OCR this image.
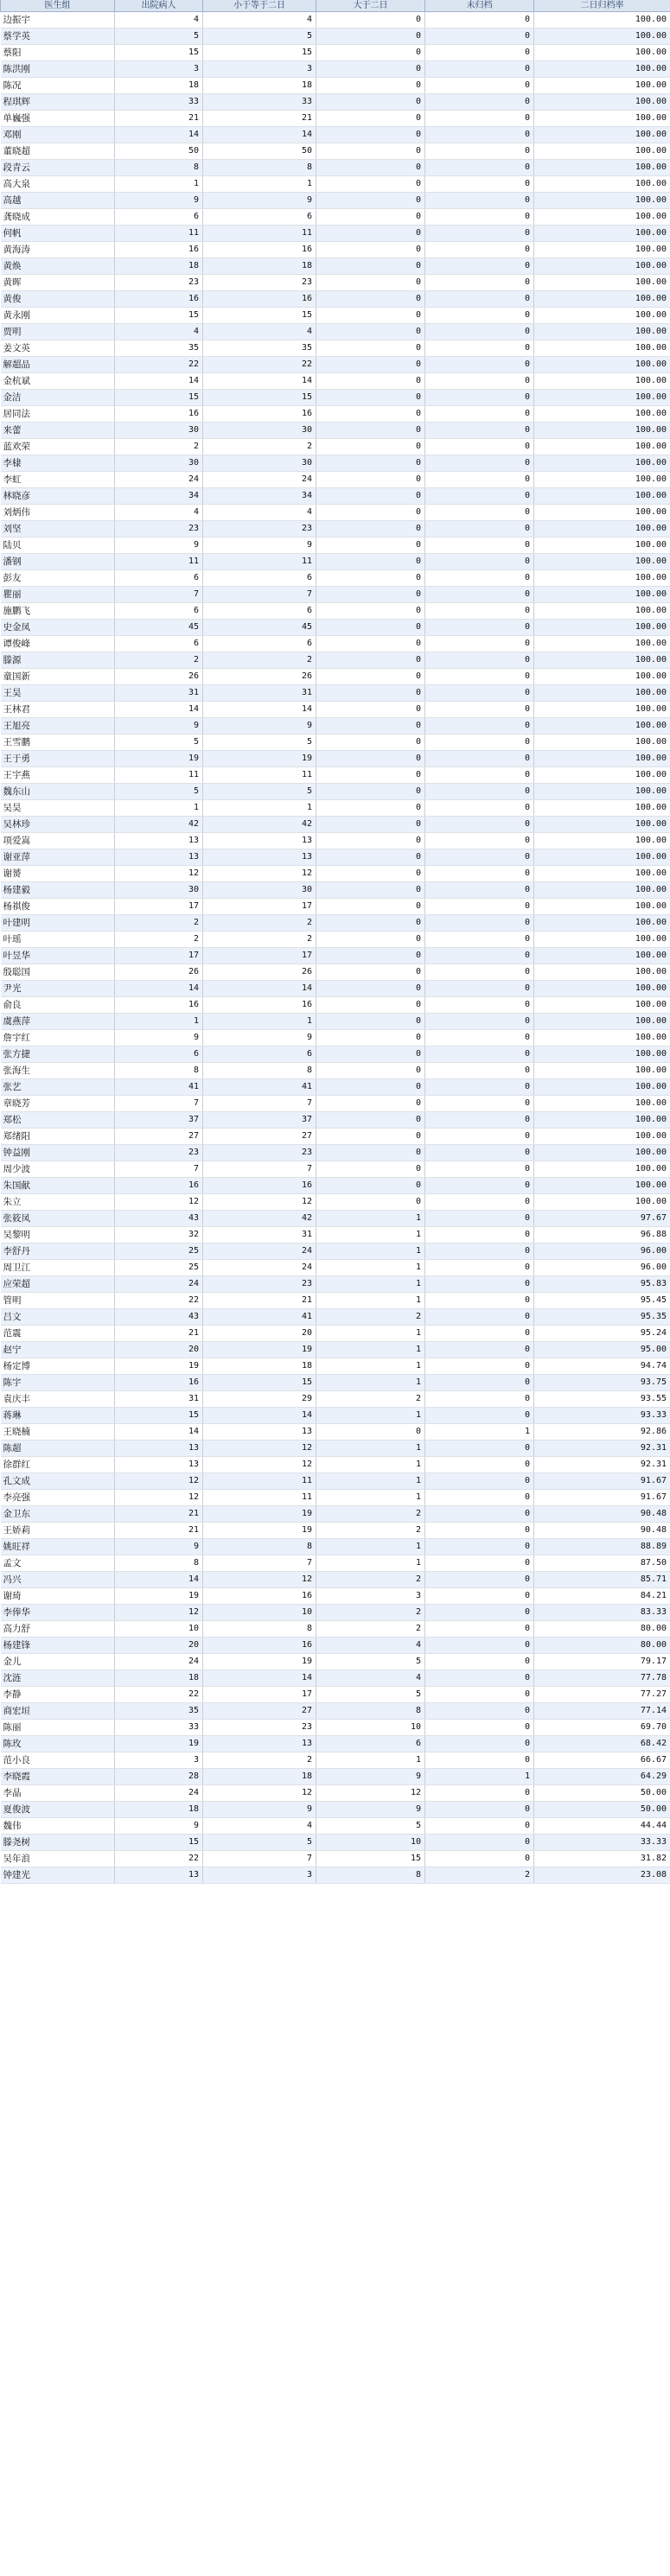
医生组	出院病人	小于等于二日	大于二日	未归档	二日归档率
边振宇	4	4	0	0	100.00
蔡学英	5	5	0	0	100.00
蔡阳	15	15	0	0	100.00
陈洪刚	3	3	0	0	100.00
陈况	18	18	0	0	100.00
程琪辉	33	33	0	0	100.00
单巍强	21	21	0	0	100.00
邓刚	14	14	0	0	100.00
董晓超	50	50	0	0	100.00
段青云	8	8	0	0	100.00
高大泉	1	1	0	0	100.00
高越	9	9	0	0	100.00
龚晓成	6	6	0	0	100.00
何帆	11	11	0	0	100.00
黄海涛	16	16	0	0	100.00
黄焕	18	18	0	0	100.00
黄晖	23	23	0	0	100.00
黄俊	16	16	0	0	100.00
黄永刚	15	15	0	0	100.00
贾明	4	4	0	0	100.00
姜文英	35	35	0	0	100.00
解超品	22	22	0	0	100.00
金杭斌	14	14	0	0	100.00
金洁	15	15	0	0	100.00
居同法	16	16	0	0	100.00
来蕾	30	30	0	0	100.00
蓝欢荣	2	2	0	0	100.00
李棣	30	30	0	0	100.00
李虹	24	24	0	0	100.00
林晓彦	34	34	0	0	100.00
刘炳伟	4	4	0	0	100.00
刘坚	23	23	0	0	100.00
陆贝	9	9	0	0	100.00
潘钢	11	11	0	0	100.00
彭友	6	6	0	0	100.00
瞿丽	7	7	0	0	100.00
施鹏飞	6	6	0	0	100.00
史金凤	45	45	0	0	100.00
谭俊峰	6	6	0	0	100.00
滕源	2	2	0	0	100.00
童国新	26	26	0	0	100.00
王昊	31	31	0	0	100.00
王林君	14	14	0	0	100.00
王旭亮	9	9	0	0	100.00
王雪鹏	5	5	0	0	100.00
王于勇	19	19	0	0	100.00
王宇燕	11	11	0	0	100.00
魏东山	5	5	0	0	100.00
吴昊	1	1	0	0	100.00
吴林珍	42	42	0	0	100.00
项爱嵩	13	13	0	0	100.00
谢亚萍	13	13	0	0	100.00
谢赟	12	12	0	0	100.00
杨建毅	30	30	0	0	100.00
杨祺俊	17	17	0	0	100.00
叶建明	2	2	0	0	100.00
叶瑶	2	2	0	0	100.00
叶昱华	17	17	0	0	100.00
殷聪国	26	26	0	0	100.00
尹光	14	14	0	0	100.00
俞良	16	16	0	0	100.00
虞燕萍	1	1	0	0	100.00
詹宇红	9	9	0	0	100.00
张方捷	6	6	0	0	100.00
张海生	8	8	0	0	100.00
张艺	41	41	0	0	100.00
章晓芳	7	7	0	0	100.00
郑松	37	37	0	0	100.00
郑绪阳	27	27	0	0	100.00
钟益刚	23	23	0	0	100.00
周少波	7	7	0	0	100.00
朱国献	16	16	0	0	100.00
朱立	12	12	0	0	100.00
张筱凤	43	42	1	0	97.67
吴黎明	32	31	1	0	96.88
李舒丹	25	24	1	0	96.00
周卫江	25	24	1	0	96.00
应荣超	24	23	1	0	95.83
管明	22	21	1	0	95.45
吕文	43	41	2	0	95.35
范震	21	20	1	0	95.24
赵宁	20	19	1	0	95.00
杨定博	19	18	1	0	94.74
陈宇	16	15	1	0	93.75
袁庆丰	31	29	2	0	93.55
蒋琳	15	14	1	0	93.33
王晓楠	14	13	0	1	92.86
陈超	13	12	1	0	92.31
徐群红	13	12	1	0	92.31
孔文成	12	11	1	0	91.67
李亮强	12	11	1	0	91.67
金卫东	21	19	2	0	90.48
王娇莉	21	19	2	0	90.48
姚旺祥	9	8	1	0	88.89
孟文	8	7	1	0	87.50
冯兴	14	12	2	0	85.71
谢琦	19	16	3	0	84.21
李俸华	12	10	2	0	83.33
高力舒	10	8	2	0	80.00
杨建锋	20	16	4	0	80.00
金儿	24	19	5	0	79.17
沈涟	18	14	4	0	77.78
李静	22	17	5	0	77.27
商宏垣	35	27	8	0	77.14
陈丽	33	23	10	0	69.70
陈玫	19	13	6	0	68.42
范小良	3	2	1	0	66.67
李晓霞	28	18	9	1	64.29
李晶	24	12	12	0	50.00
夏俊波	18	9	9	0	50.00
魏伟	9	4	5	0	44.44
滕尧树	15	5	10	0	33.33
吴年浪	22	7	15	0	31.82
钟建光	13	3	8	2	23.08
